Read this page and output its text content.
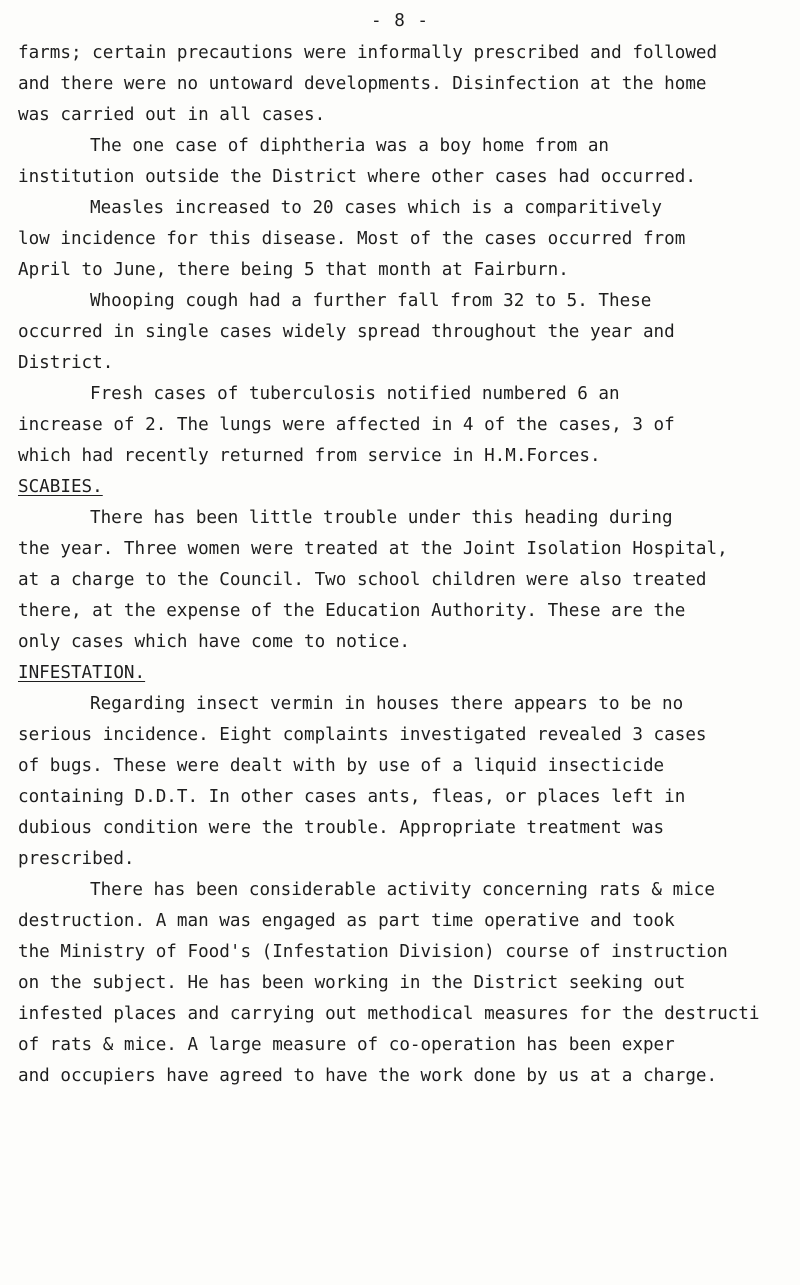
- 8 -
farms; certain precautions were informally prescribed and followed
and there were no untoward developments. Disinfection at the home
was carried out in all cases.
The one case of diphtheria was a boy home from an
institution outside the District where other cases had occurred.
Measles increased to 20 cases which is a comparitively
low incidence for this disease. Most of the cases occurred from
April to June, there being 5 that month at Fairburn.
Whooping cough had a further fall from 32 to 5. These
occurred in single cases widely spread throughout the year and
District.
Fresh cases of tuberculosis notified numbered 6 an
increase of 2. The lungs were affected in 4 of the cases, 3 of
which had recently returned from service in H.M.Forces.
SCABIES.
There has been little trouble under this heading during
the year. Three women were treated at the Joint Isolation Hospital,
at a charge to the Council. Two school children were also treated
there, at the expense of the Education Authority. These are the
only cases which have come to notice.
INFESTATION.
Regarding insect vermin in houses there appears to be no
serious incidence. Eight complaints investigated revealed 3 cases
of bugs. These were dealt with by use of a liquid insecticide
containing D.D.T. In other cases ants, fleas, or places left in
dubious condition were the trouble. Appropriate treatment was
prescribed.
There has been considerable activity concerning rats & mice
destruction. A man was engaged as part time operative and took
the Ministry of Food's (Infestation Division) course of instruction
on the subject. He has been working in the District seeking out
infested places and carrying out methodical measures for the destructi
of rats & mice. A large measure of co-operation has been exper
and occupiers have agreed to have the work done by us at a charge.
